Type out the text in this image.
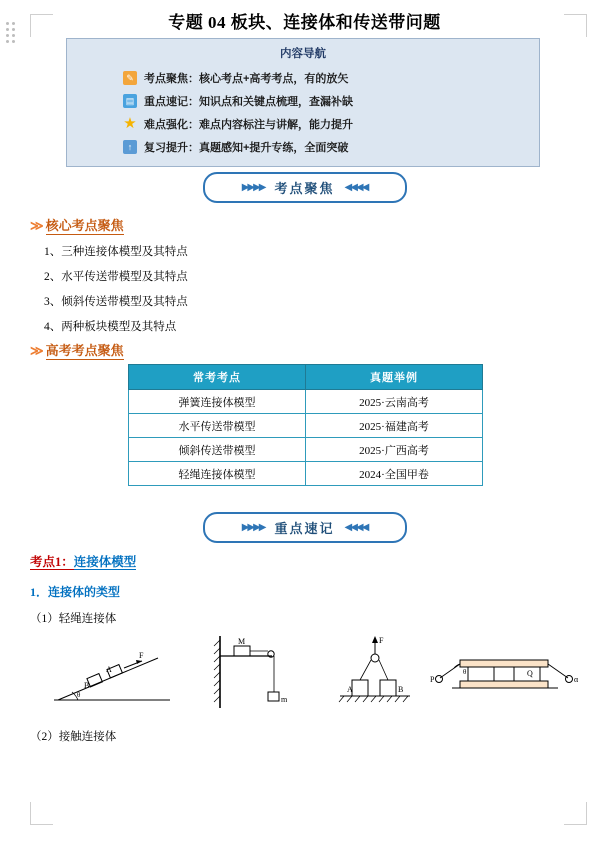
专题 04 板块、连接体和传送带问题
内容导航
✎ 考点聚焦：核心考点+高考考点，有的放矢
▤ 重点速记：知识点和关键点梳理，查漏补缺
★ 难点强化：难点内容标注与讲解，能力提升
↑	复习提升：真题感知+提升专练，全面突破
▶▶▶▶ 考点聚焦 ◀◀◀◀
≫ 核心考点聚焦
1、三种连接体模型及其特点
2、水平传送带模型及其特点
3、倾斜传送带模型及其特点
4、两种板块模型及其特点
≫ 高考考点聚焦
常考考点	真题举例
弹簧连接体模型	2025·云南高考
水平传送带模型	2025·福建高考
倾斜传送带模型	2025·广西高考
轻绳连接体模型	2024·全国甲卷
▶▶▶▶ 重点速记 ◀◀◀◀
考点1：连接体模型
1．连接体的类型
（1）轻绳连接体
（2）接触连接体
θ
B
A
F
M
m
F
A	B
P
θ
α
Q
